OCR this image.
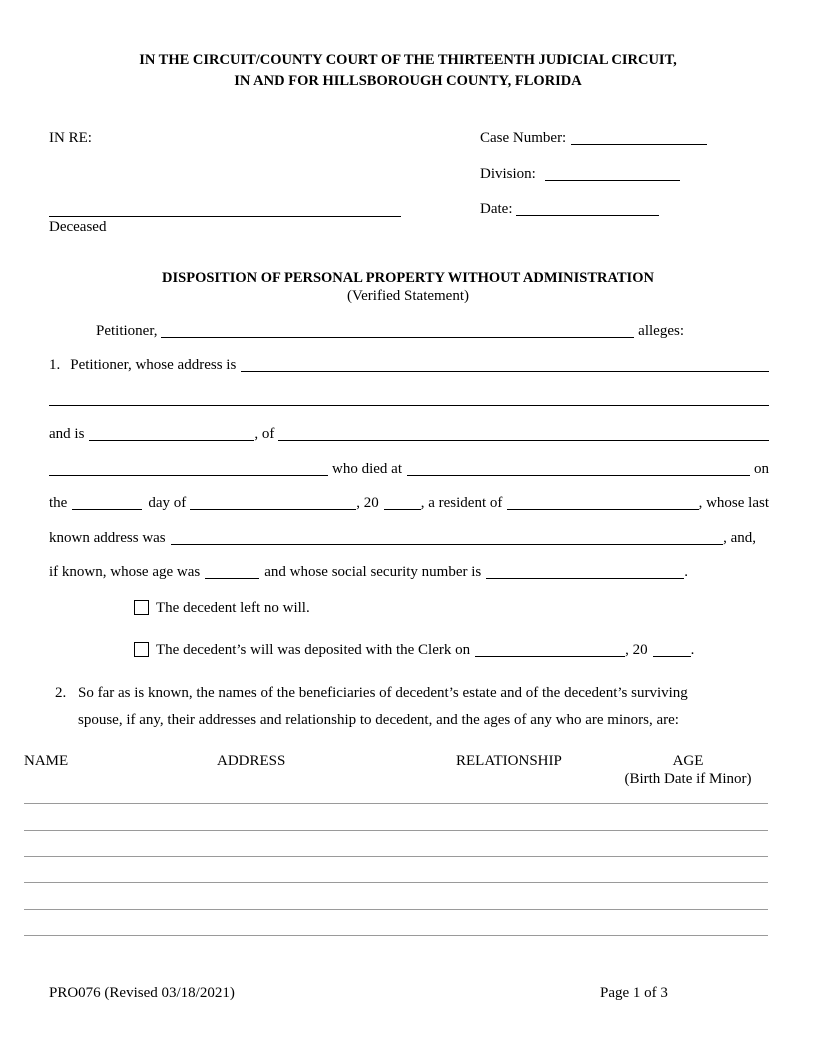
IN THE CIRCUIT/COUNTY COURT OF THE THIRTEENTH JUDICIAL CIRCUIT,
IN AND FOR HILLSBOROUGH COUNTY, FLORIDA
IN RE:	Case Number:
Division:
Date:
Deceased
DISPOSITION OF PERSONAL PROPERTY WITHOUT ADMINISTRATION
(Verified Statement)
Petitioner,	alleges:
1. Petitioner, whose address is
and is	, of
who died at	on
the	day of	, 20	, a resident of	, whose last
known address was	, and,
if known, whose age was	and whose social security number is	.
The decedent left no will.
The decedent’s will was deposited with the Clerk on	, 20	.
2. So far as is known, the names of the beneficiaries of decedent’s estate and of the decedent’s surviving
spouse, if any, their addresses and relationship to decedent, and the ages of any who are minors, are:
NAME	ADDRESS	RELATIONSHIP	AGE
(Birth Date if Minor)
PRO076 (Revised 03/18/2021)	Page 1 of 3
